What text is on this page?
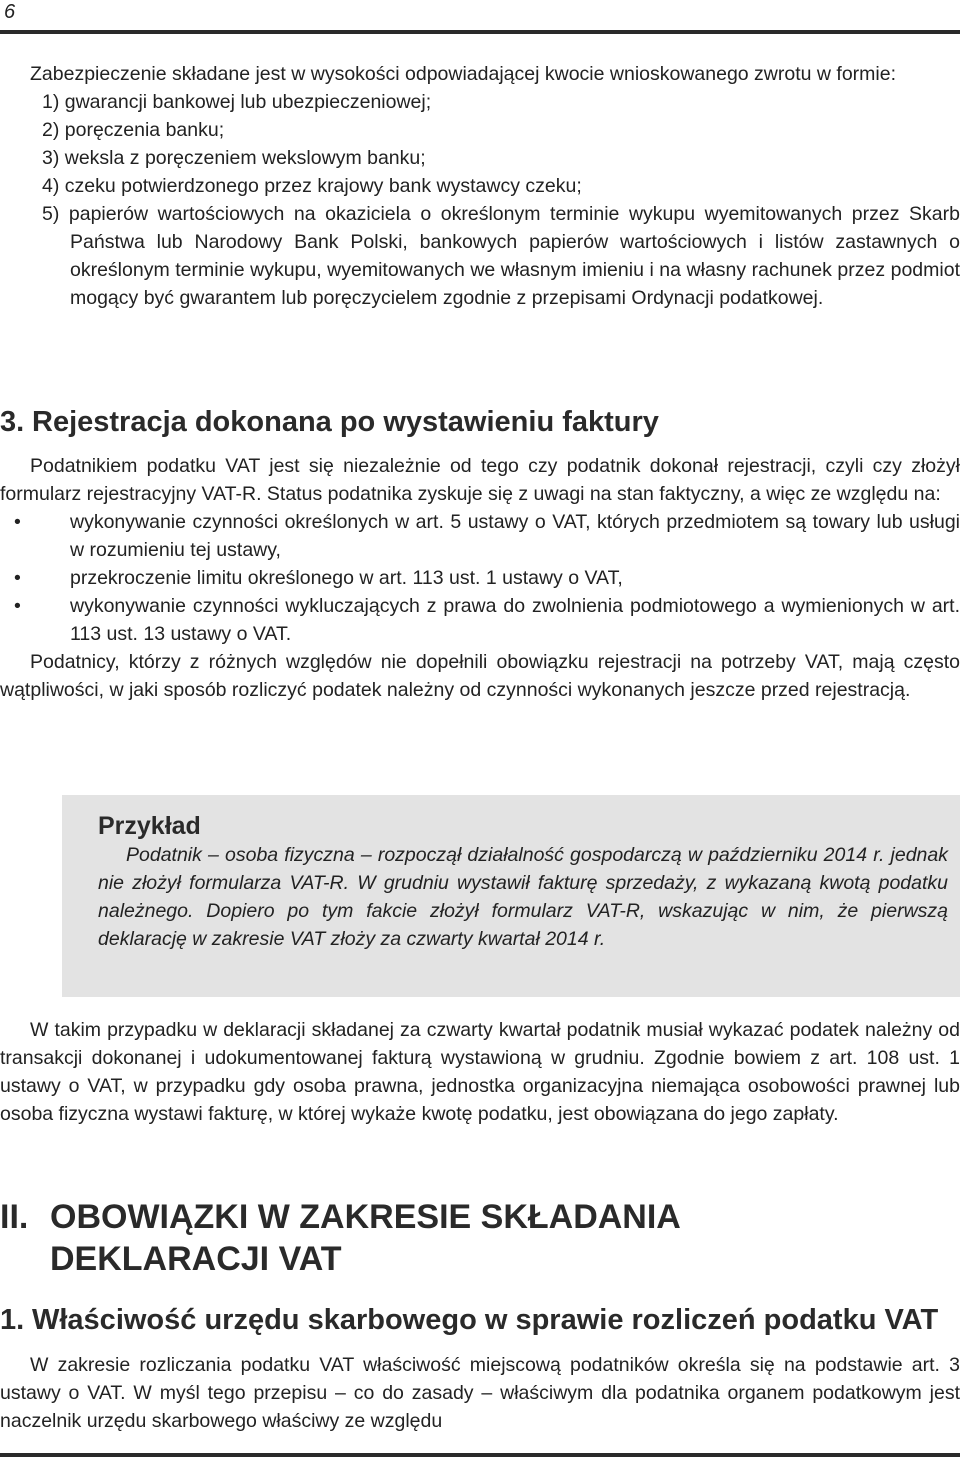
6

Zabezpieczenie składane jest w wysokości odpowiadającej kwocie wnioskowanego zwrotu w formie:

1) gwarancji bankowej lub ubezpieczeniowej;
2) poręczenia banku;
3) weksla z poręczeniem wekslowym banku;
4) czeku potwierdzonego przez krajowy bank wystawcy czeku;
5) papierów wartościowych na okaziciela o określonym terminie wykupu wyemitowanych przez Skarb Państwa lub Narodowy Bank Polski, bankowych papierów wartościowych i listów zastawnych o określonym terminie wykupu, wyemitowanych we własnym imieniu i na własny rachunek przez podmiot mogący być gwarantem lub poręczycielem zgodnie z przepisami Ordynacji podatkowej.
3. Rejestracja dokonana po wystawieniu faktury

Podatnikiem podatku VAT jest się niezależnie od tego czy podatnik dokonał rejestracji, czyli czy złożył formularz rejestracyjny VAT-R. Status podatnika zyskuje się z uwagi na stan faktyczny, a więc ze względu na:

•	wykonywanie czynności określonych w art. 5 ustawy o VAT, których przedmiotem są towary lub usługi w rozumieniu tej ustawy,
•	przekroczenie limitu określonego w art. 113 ust. 1 ustawy o VAT,
•	wykonywanie czynności wykluczających z prawa do zwolnienia podmiotowego a wymienionych w art. 113 ust. 13 ustawy o VAT.

Podatnicy, którzy z różnych względów nie dopełnili obowiązku rejestracji na potrzeby VAT, mają często wątpliwości, w jaki sposób rozliczyć podatek należny od czynności wykonanych jeszcze przed rejestracją.

Przykład

Podatnik – osoba fizyczna – rozpoczął działalność gospodarczą w październiku 2014 r. jednak nie złożył formularza VAT-R. W grudniu wystawił fakturę sprzedaży, z wykazaną kwotą podatku należnego. Dopiero po tym fakcie złożył formularz VAT-R, wskazując w nim, że pierwszą deklarację w zakresie VAT złoży za czwarty kwartał 2014 r.

W takim przypadku w deklaracji składanej za czwarty kwartał podatnik musiał wykazać podatek należny od transakcji dokonanej i udokumentowanej fakturą wystawioną w grudniu. Zgodnie bowiem z art. 108 ust. 1 ustawy o VAT, w przypadku gdy osoba prawna, jednostka organizacyjna niemająca osobowości prawnej lub osoba fizyczna wystawi fakturę, w której wykaże kwotę podatku, jest obowiązana do jego zapłaty.

II. OBOWIĄZKI W ZAKRESIE SKŁADANIA
DEKLARACJI VAT
1. Właściwość urzędu skarbowego w sprawie rozliczeń podatku VAT

W zakresie rozliczania podatku VAT właściwość miejscową podatników określa się na podstawie art. 3 ustawy o VAT. W myśl tego przepisu – co do zasady – właściwym dla podatnika organem podatkowym jest naczelnik urzędu skarbowego właściwy ze względu
